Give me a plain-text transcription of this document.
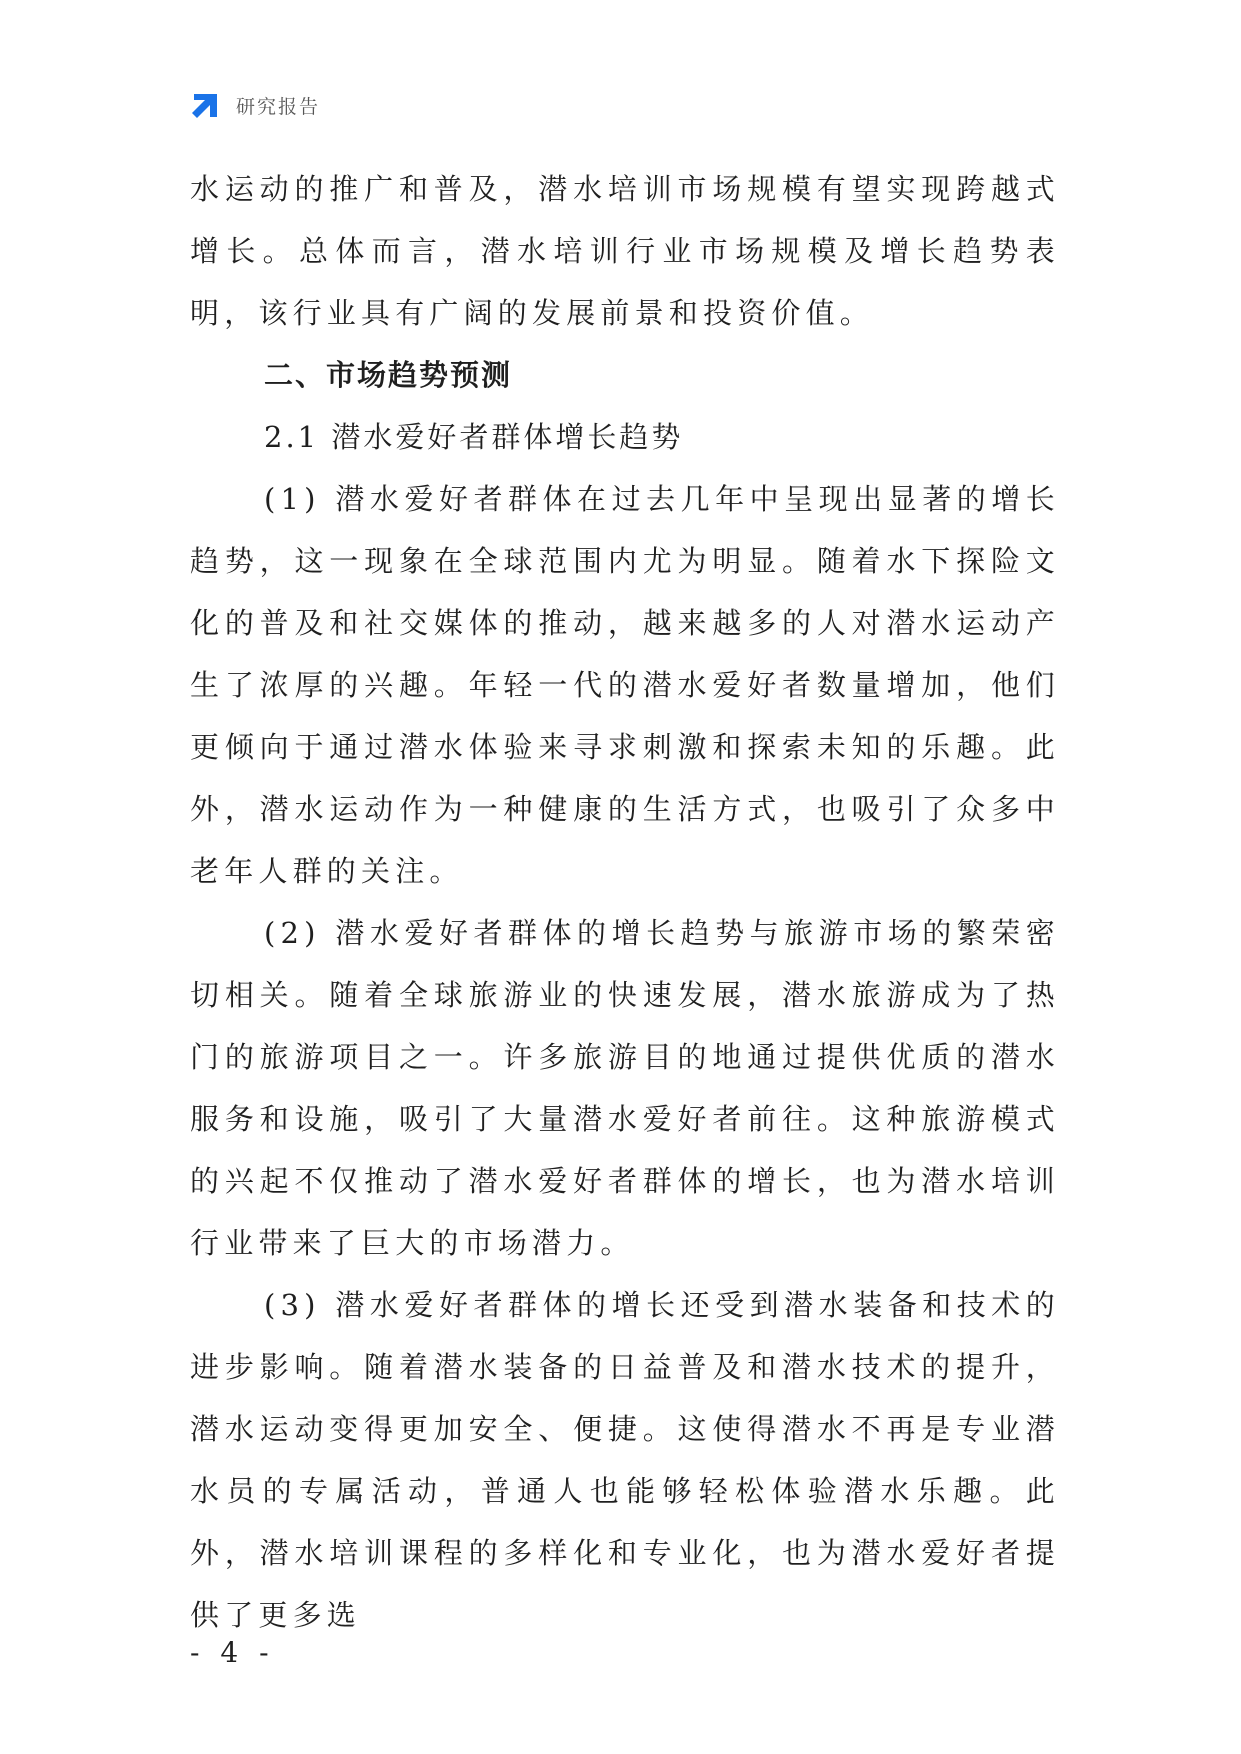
研究报告

水运动的推广和普及，潜水培训市场规模有望实现跨越式增长。总体而言，潜水培训行业市场规模及增长趋势表明，该行业具有广阔的发展前景和投资价值。

二、市场趋势预测

2.1 潜水爱好者群体增长趋势

(1) 潜水爱好者群体在过去几年中呈现出显著的增长趋势，这一现象在全球范围内尤为明显。随着水下探险文化的普及和社交媒体的推动，越来越多的人对潜水运动产生了浓厚的兴趣。年轻一代的潜水爱好者数量增加，他们更倾向于通过潜水体验来寻求刺激和探索未知的乐趣。此外，潜水运动作为一种健康的生活方式，也吸引了众多中老年人群的关注。

(2) 潜水爱好者群体的增长趋势与旅游市场的繁荣密切相关。随着全球旅游业的快速发展，潜水旅游成为了热门的旅游项目之一。许多旅游目的地通过提供优质的潜水服务和设施，吸引了大量潜水爱好者前往。这种旅游模式的兴起不仅推动了潜水爱好者群体的增长，也为潜水培训行业带来了巨大的市场潜力。

(3) 潜水爱好者群体的增长还受到潜水装备和技术的进步影响。随着潜水装备的日益普及和潜水技术的提升，潜水运动变得更加安全、便捷。这使得潜水不再是专业潜水员的专属活动，普通人也能够轻松体验潜水乐趣。此外，潜水培训课程的多样化和专业化，也为潜水爱好者提供了更多选

- 4 -
